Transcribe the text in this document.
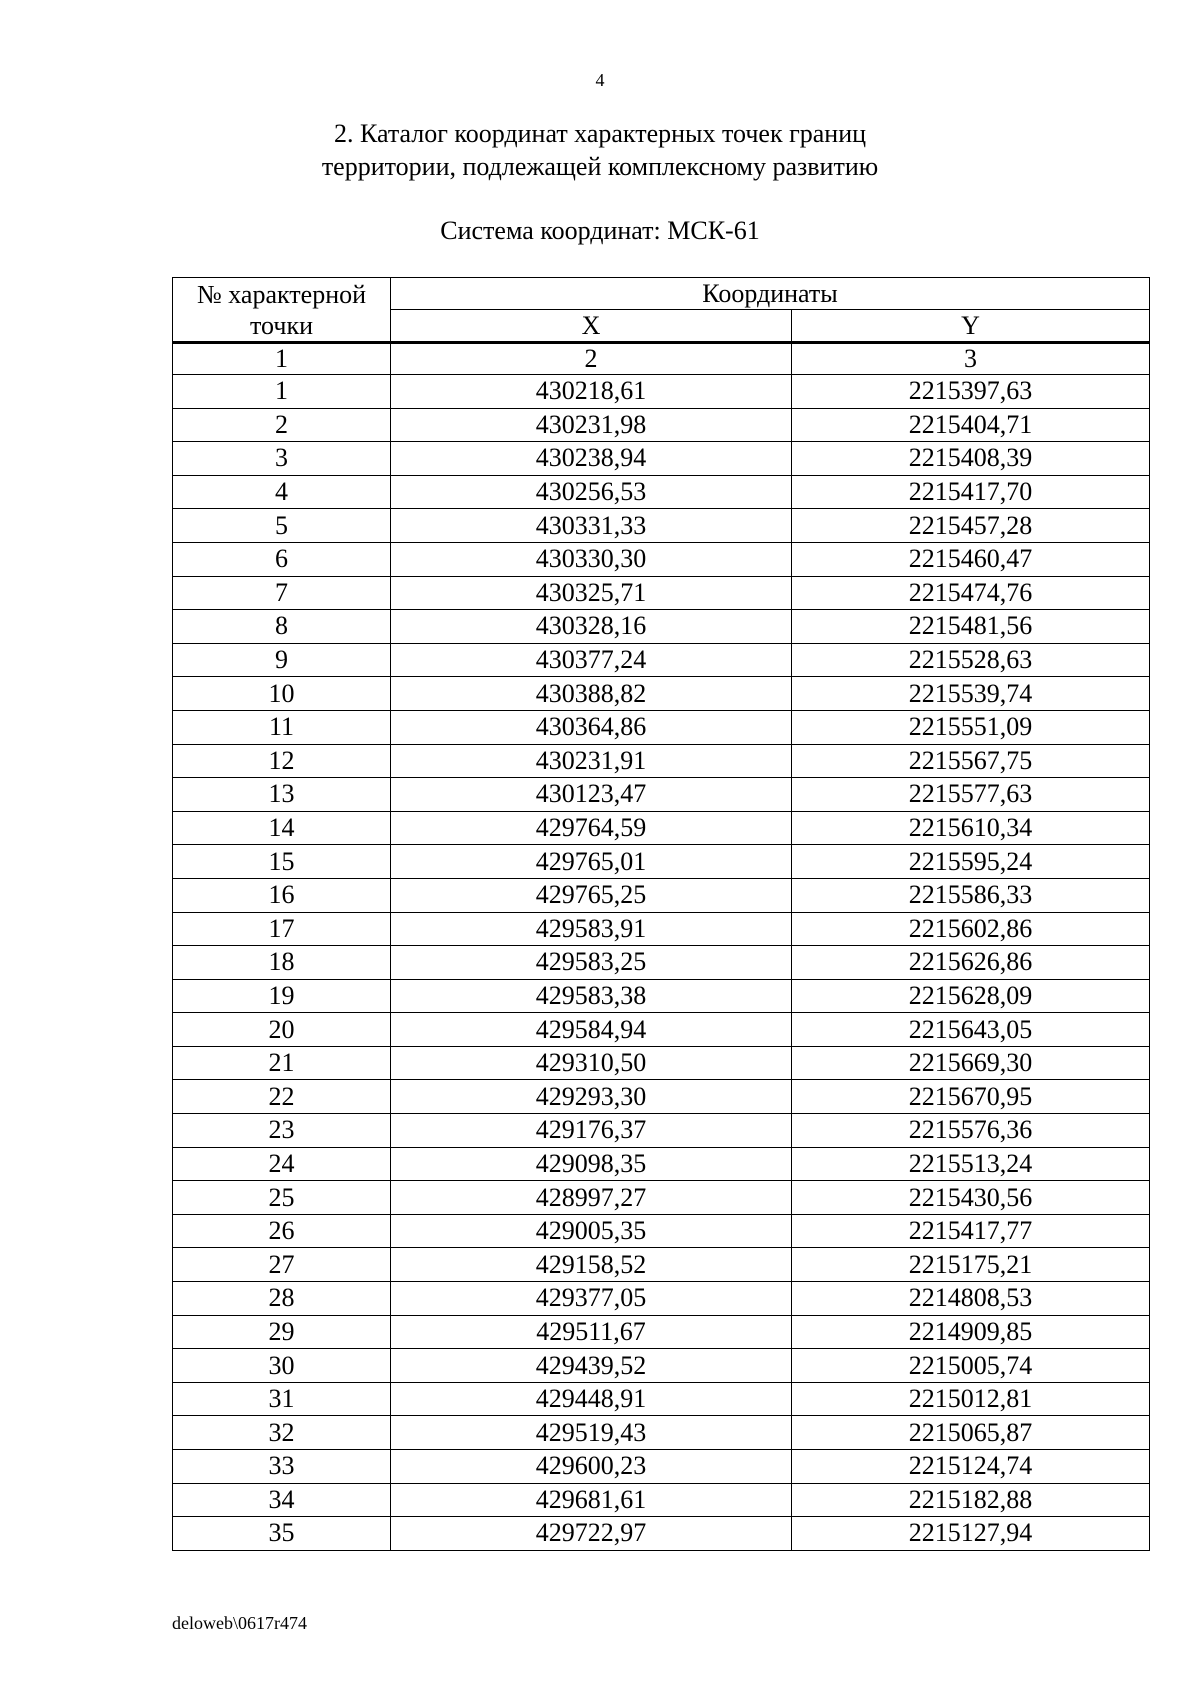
4
2. Каталог координат характерных точек границ
территории, подлежащей комплексному развитию
Система координат: МСК-61
№ характерной
точки	Координаты	
	X	Y
1	2	3
1	430218,61	2215397,63
2	430231,98	2215404,71
3	430238,94	2215408,39
4	430256,53	2215417,70
5	430331,33	2215457,28
6	430330,30	2215460,47
7	430325,71	2215474,76
8	430328,16	2215481,56
9	430377,24	2215528,63
10	430388,82	2215539,74
11	430364,86	2215551,09
12	430231,91	2215567,75
13	430123,47	2215577,63
14	429764,59	2215610,34
15	429765,01	2215595,24
16	429765,25	2215586,33
17	429583,91	2215602,86
18	429583,25	2215626,86
19	429583,38	2215628,09
20	429584,94	2215643,05
21	429310,50	2215669,30
22	429293,30	2215670,95
23	429176,37	2215576,36
24	429098,35	2215513,24
25	428997,27	2215430,56
26	429005,35	2215417,77
27	429158,52	2215175,21
28	429377,05	2214808,53
29	429511,67	2214909,85
30	429439,52	2215005,74
31	429448,91	2215012,81
32	429519,43	2215065,87
33	429600,23	2215124,74
34	429681,61	2215182,88
35	429722,97	2215127,94
deloweb\0617r474
